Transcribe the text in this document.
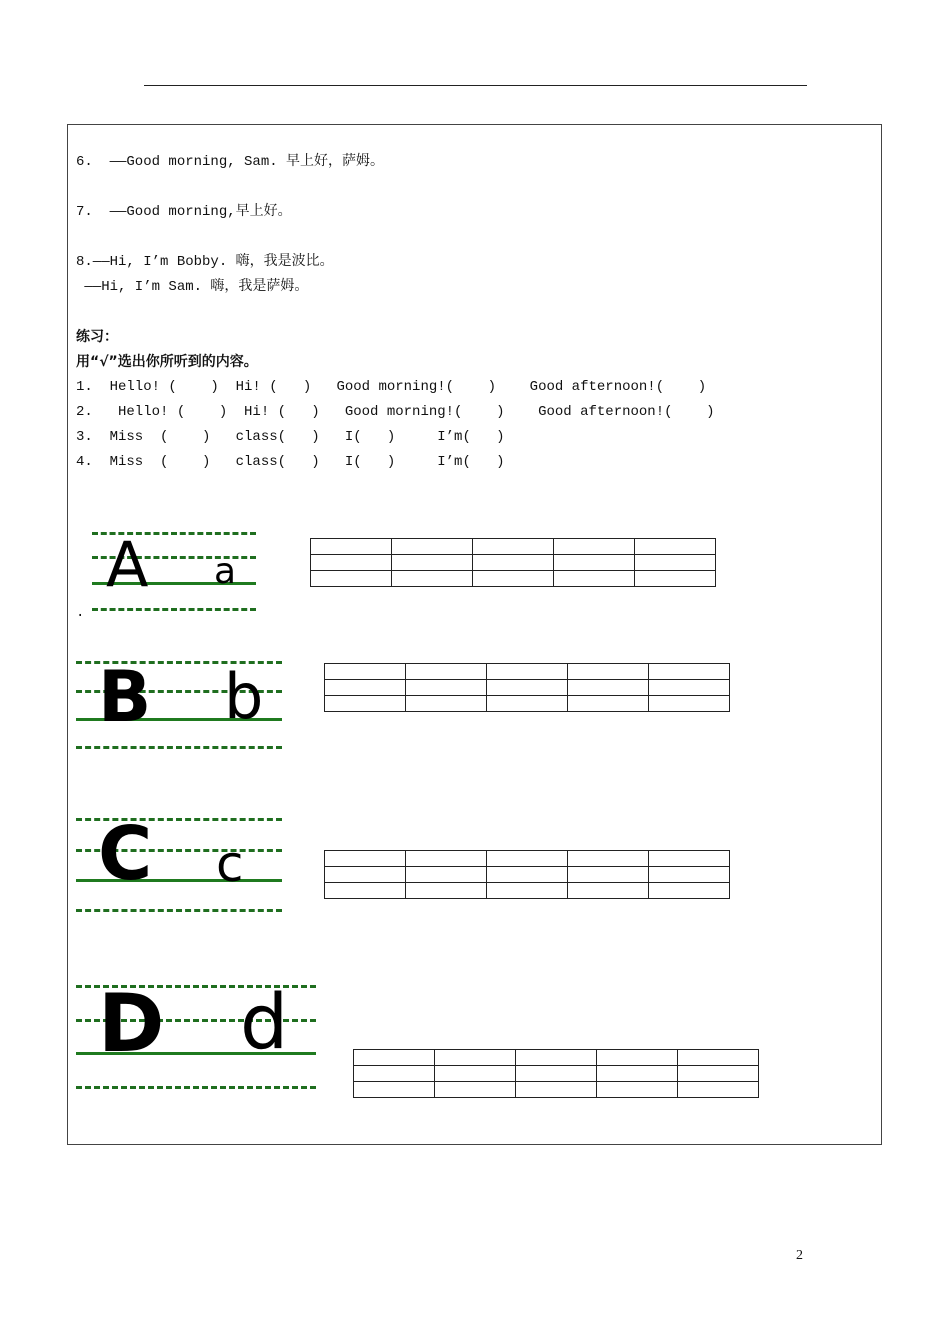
6.  ——Good morning, Sam. 早上好，萨姆。
7.  ——Good morning,早上好。
8.——Hi, I’m Bobby. 嗨，我是波比。
——Hi, I’m Sam. 嗨，我是萨姆。
练习：
用“√”选出你所听到的内容。
1.  Hello! (    )  Hi! (   )   Good morning!(    )    Good afternoon!(    )
2.   Hello! (    )  Hi! (   )   Good morning!(    )    Good afternoon!(    )
3.  Miss  (    )   class(   )   I(   )     I’m(   )
4.  Miss  (    )   class(   )   I(   )     I’m(   )
A a

.
B b

C c

D d

2
